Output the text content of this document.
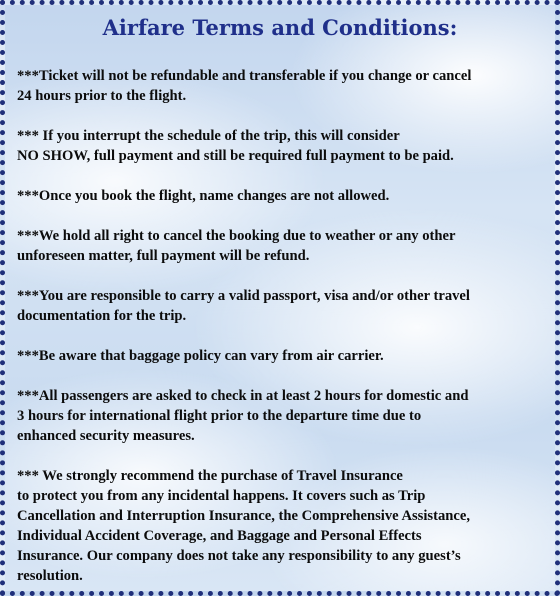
Airfare Terms and Conditions:
***Ticket will not be refundable and transferable if you change or cancel
24 hours prior to the flight.
*** If you interrupt the schedule of the trip, this will consider
NO SHOW, full payment and still be required full payment to be paid.
***Once you book the flight, name changes are not allowed.
***We hold all right to cancel the booking due to weather or any other
unforeseen matter, full payment will be refund.
***You are responsible to carry a valid passport, visa and/or other travel
documentation for the trip.
***Be aware that baggage policy can vary from air carrier.
***All passengers are asked to check in at least 2 hours for domestic and
3 hours for international flight prior to the departure time due to
enhanced security measures.
*** We strongly recommend the purchase of Travel Insurance
to protect you from any incidental happens. It covers such as Trip
Cancellation and Interruption Insurance, the Comprehensive Assistance,
Individual Accident Coverage, and Baggage and Personal Effects
Insurance. Our company does not take any responsibility to any guest’s
resolution.
